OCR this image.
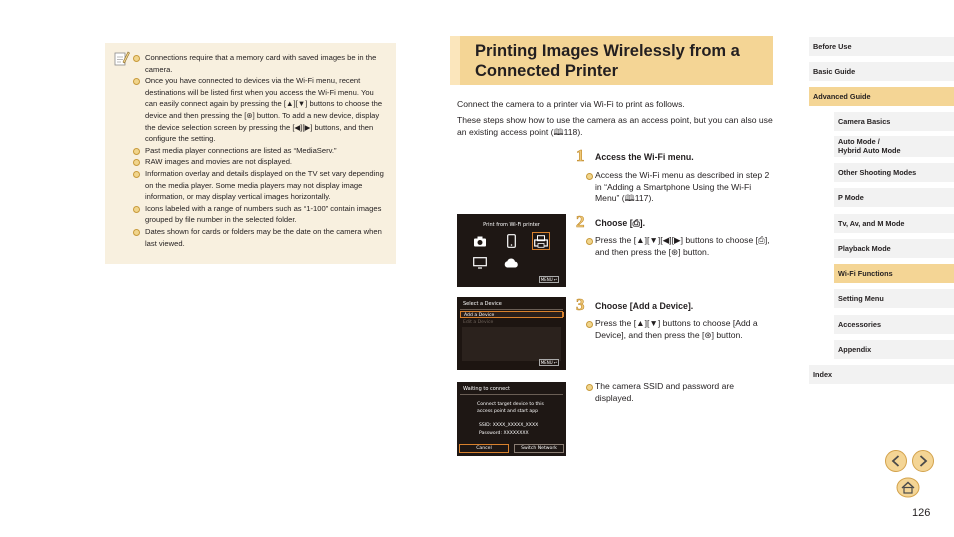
Connections require that a memory card with saved images be in the camera.
Once you have connected to devices via the Wi-Fi menu, recent destinations will be listed first when you access the Wi-Fi menu. You can easily connect again by pressing the [▲][▼] buttons to choose the device and then pressing the [⊛] button. To add a new device, display the device selection screen by pressing the [◀][▶] buttons, and then configure the setting.
Past media player connections are listed as “MediaServ.”
RAW images and movies are not displayed.
Information overlay and details displayed on the TV set vary depending on the media player. Some media players may not display image information, or may display vertical images horizontally.
Icons labeled with a range of numbers such as “1-100” contain images grouped by file number in the selected folder.
Dates shown for cards or folders may be the date on the camera when last viewed.
Printing Images Wirelessly from a Connected Printer

Connect the camera to a printer via Wi-Fi to print as follows.

These steps show how to use the camera as an access point, but you can also use an existing access point (🕮118).

1	Access the Wi-Fi menu.

Access the Wi-Fi menu as described in step 2 in “Adding a Smartphone Using the Wi-Fi Menu” (🕮117).

2	Choose [⎙].

Press the [▲][▼][◀][▶] buttons to choose [⎙], and then press the [⊛] button.

3	Choose [Add a Device].

Press the [▲][▼] buttons to choose [Add a Device], and then press the [⊛] button.

The camera SSID and password are displayed.

Print from Wi-Fi printer
MENU ↩
Select a Device
Add a Device
Edit a Device
MENU ↩
Waiting to connect
Connect target device to this
access point and start app
SSID: XXXX_XXXXX_XXXX
Password: XXXXXXXX
Cancel	Switch Network
Before Use
Basic Guide
Advanced Guide
Camera Basics
Auto Mode /
Hybrid Auto Mode
Other Shooting Modes
P Mode
Tv, Av, and M Mode
Playback Mode
Wi-Fi Functions
Setting Menu
Accessories
Appendix
Index
126
